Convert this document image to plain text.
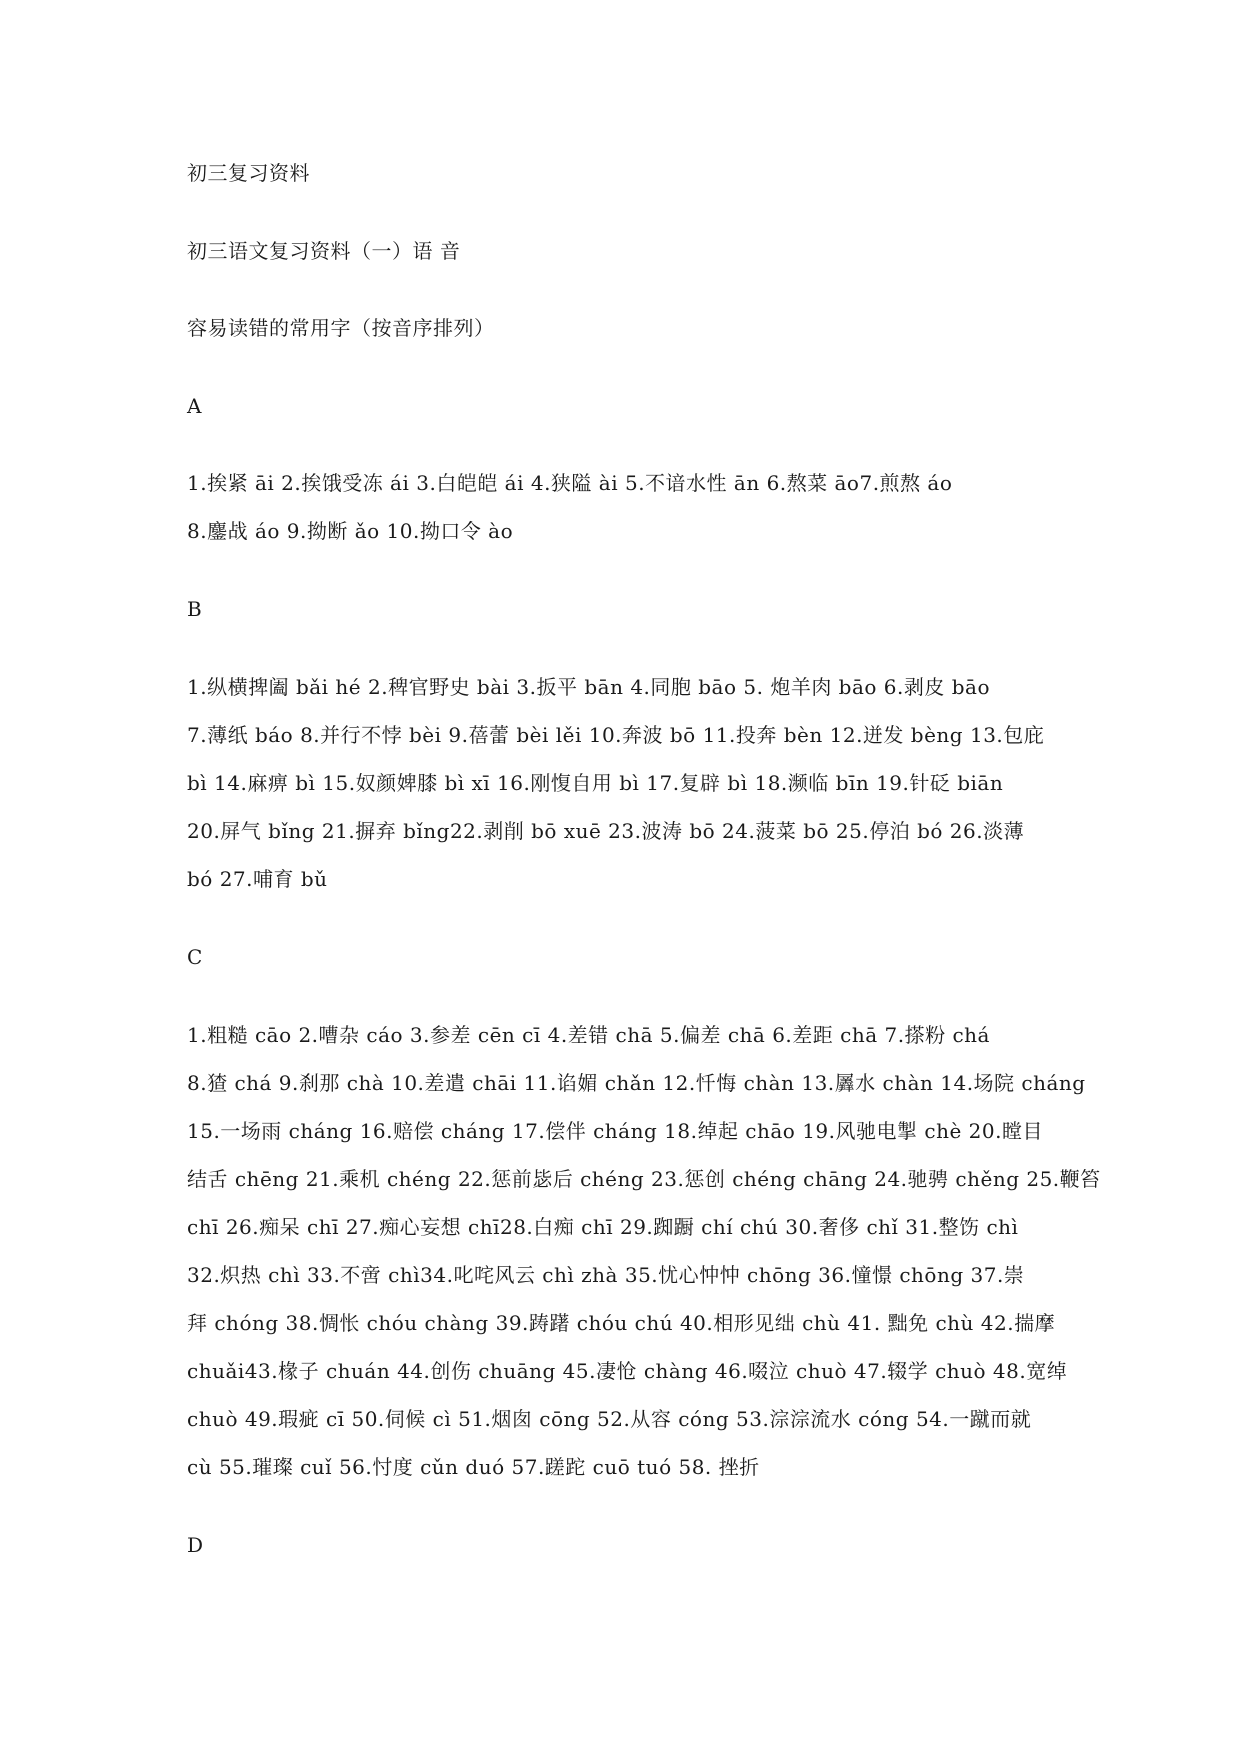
初三复习资料
初三语文复习资料（一）语 音
容易读错的常用字（按音序排列）
A
1.挨紧 āi 2.挨饿受冻 ái 3.白皑皑 ái 4.狭隘 ài 5.不谙水性 ān 6.熬菜 āo7.煎熬 áo
8.鏖战 áo 9.拗断 ǎo 10.拗口令 ào
B
1.纵横捭阖 bǎi hé 2.稗官野史 bài 3.扳平 bān 4.同胞 bāo 5. 炮羊肉 bāo 6.剥皮 bāo
7.薄纸 báo 8.并行不悖 bèi 9.蓓蕾 bèi lěi 10.奔波 bō 11.投奔 bèn 12.迸发 bèng 13.包庇
bì 14.麻痹 bì 15.奴颜婢膝 bì xī 16.刚愎自用 bì 17.复辟 bì 18.濒临 bīn 19.针砭 biān
20.屏气 bǐng 21.摒弃 bǐng22.剥削 bō xuē 23.波涛 bō 24.菠菜 bō 25.停泊 bó 26.淡薄
bó 27.哺育 bǔ
C
1.粗糙 cāo 2.嘈杂 cáo 3.参差 cēn cī 4.差错 chā 5.偏差 chā 6.差距 chā 7.搽粉 chá
8.猹 chá 9.刹那 chà 10.差遣 chāi 11.谄媚 chǎn 12.忏悔 chàn 13.羼水 chàn 14.场院 cháng
15.一场雨 cháng 16.赔偿 cháng 17.偿伴 cháng 18.绰起 chāo 19.风驰电掣 chè 20.瞠目
结舌 chēng 21.乘机 chéng 22.惩前毖后 chéng 23.惩创 chéng chāng 24.驰骋 chěng 25.鞭笞
chī 26.痴呆 chī 27.痴心妄想 chī28.白痴 chī 29.踟蹰 chí chú 30.奢侈 chǐ 31.整饬 chì
32.炽热 chì 33.不啻 chì34.叱咤风云 chì zhà 35.忧心忡忡 chōng 36.憧憬 chōng 37.崇
拜 chóng 38.惆怅 chóu chàng 39.踌躇 chóu chú 40.相形见绌 chù 41. 黜免 chù 42.揣摩
chuǎi43.椽子 chuán 44.创伤 chuāng 45.凄怆 chàng 46.啜泣 chuò 47.辍学 chuò 48.宽绰
chuò 49.瑕疵 cī 50.伺候 cì 51.烟囱 cōng 52.从容 cóng 53.淙淙流水 cóng 54.一蹴而就
cù 55.璀璨 cuǐ 56.忖度 cǔn duó 57.蹉跎 cuō tuó 58. 挫折
D
